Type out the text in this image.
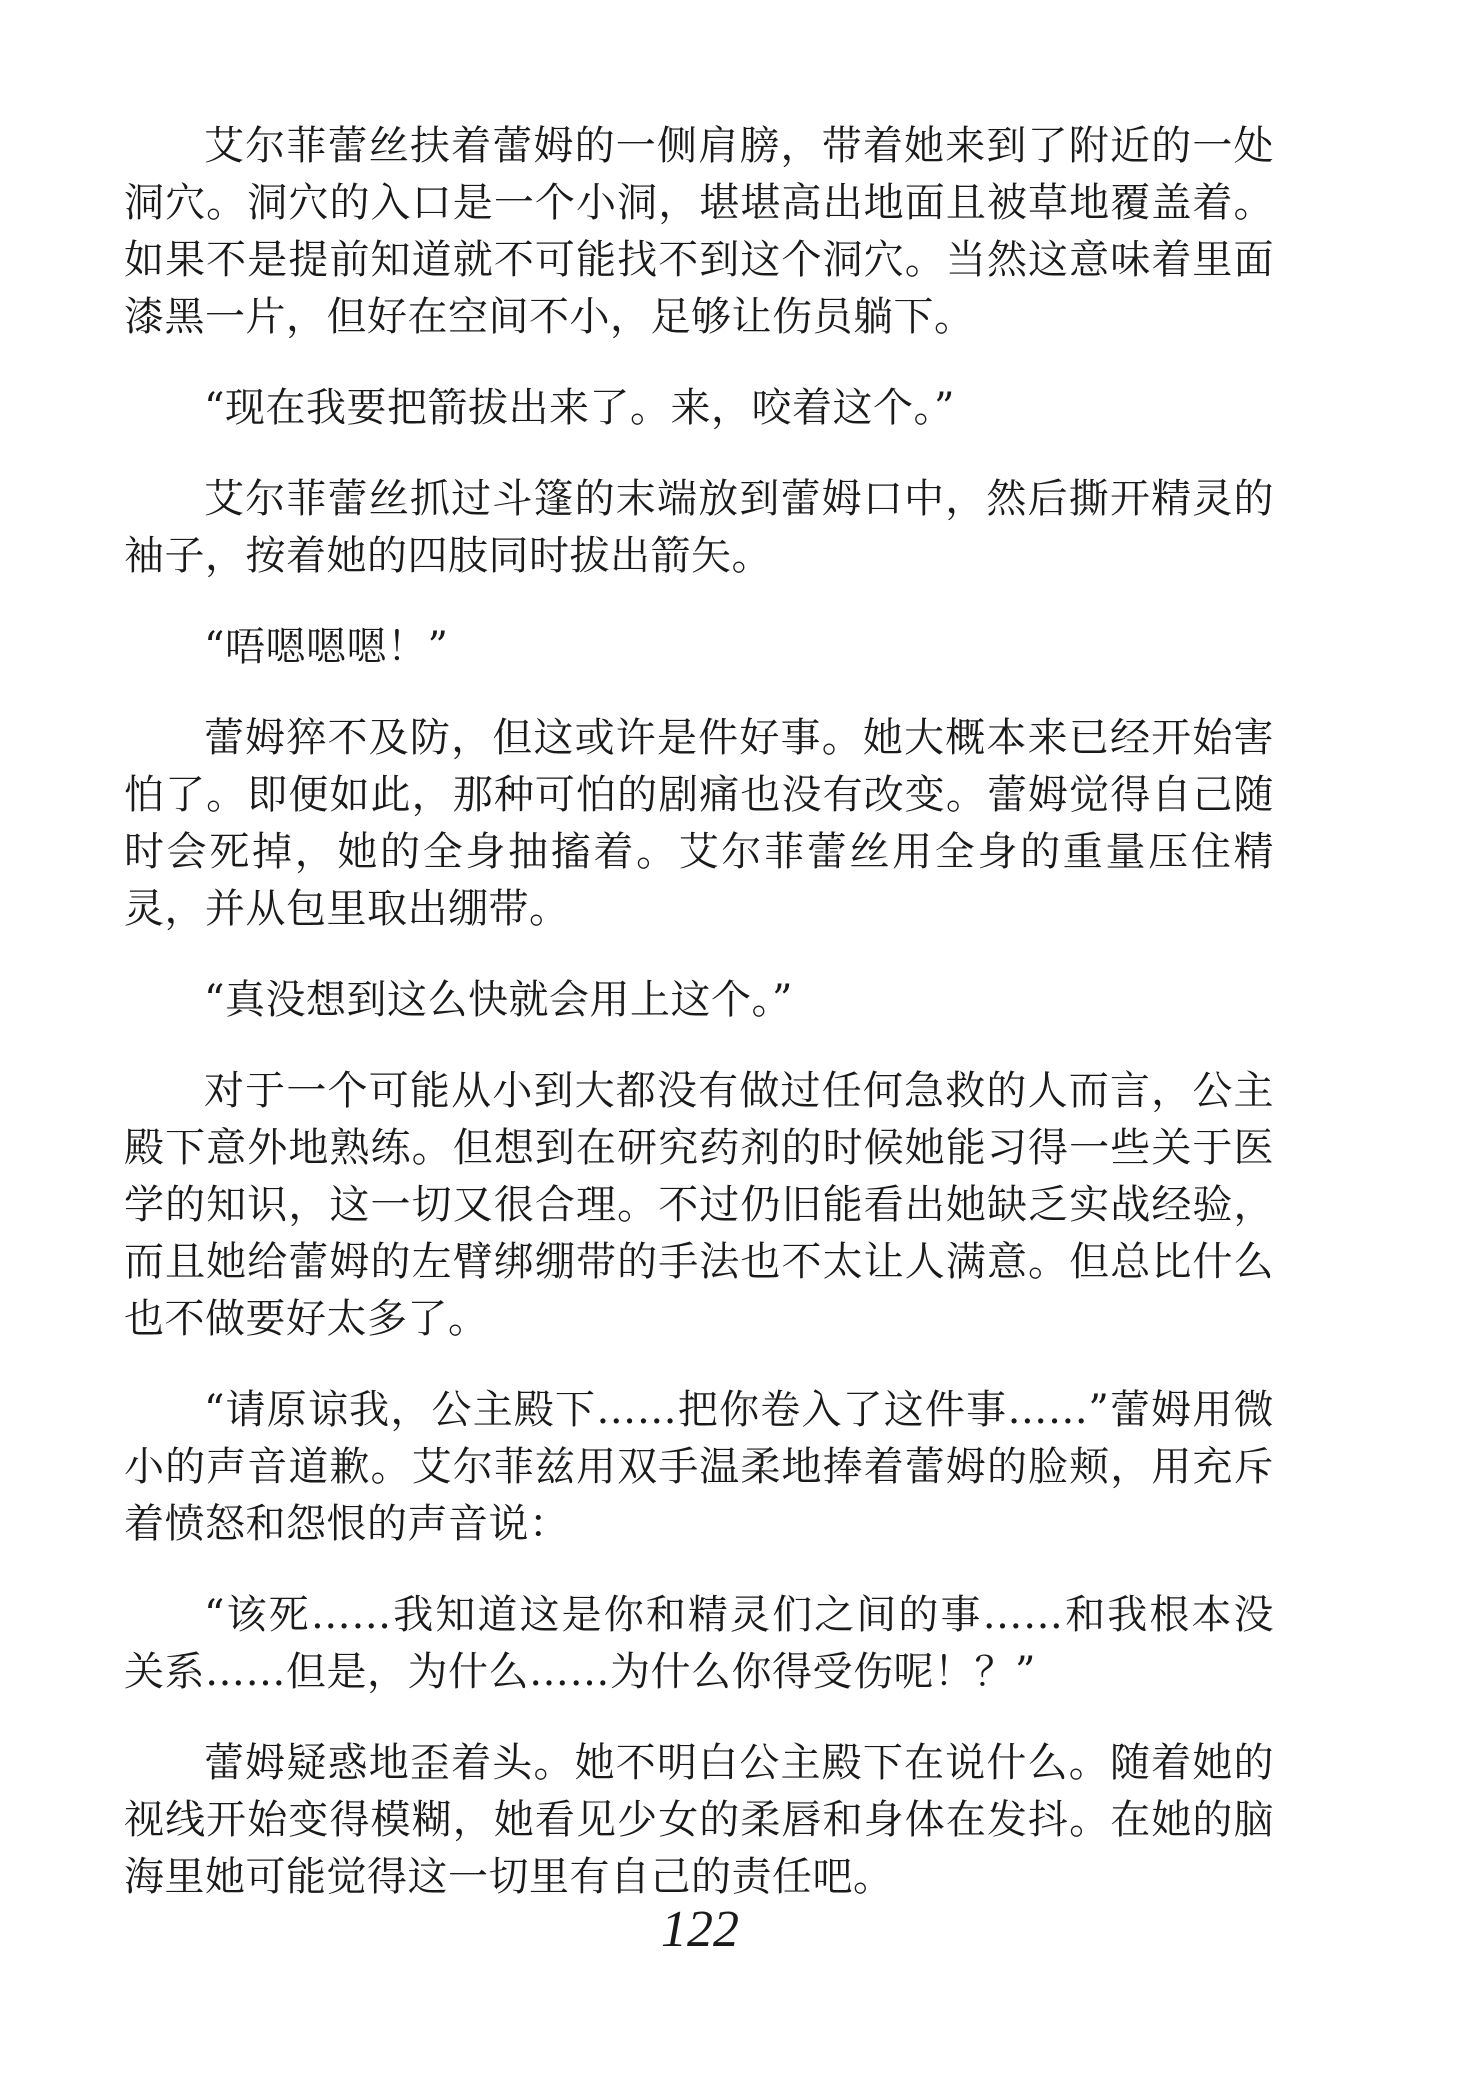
艾尔菲蕾丝扶着蕾姆的一侧肩膀，带着她来到了附近的一处洞穴。洞穴的入口是一个小洞，堪堪高出地面且被草地覆盖着。如果不是提前知道就不可能找不到这个洞穴。当然这意味着里面漆黑一片，但好在空间不小，足够让伤员躺下。

“现在我要把箭拔出来了。来，咬着这个。”

艾尔菲蕾丝抓过斗篷的末端放到蕾姆口中，然后撕开精灵的袖子，按着她的四肢同时拔出箭矢。

“唔嗯嗯嗯！”

蕾姆猝不及防，但这或许是件好事。她大概本来已经开始害怕了。即便如此，那种可怕的剧痛也没有改变。蕾姆觉得自己随时会死掉，她的全身抽搐着。艾尔菲蕾丝用全身的重量压住精灵，并从包里取出绷带。

“真没想到这么快就会用上这个。”

对于一个可能从小到大都没有做过任何急救的人而言，公主殿下意外地熟练。但想到在研究药剂的时候她能习得一些关于医学的知识，这一切又很合理。不过仍旧能看出她缺乏实战经验，而且她给蕾姆的左臂绑绷带的手法也不太让人满意。但总比什么也不做要好太多了。

“请原谅我，公主殿下……把你卷入了这件事……”蕾姆用微小的声音道歉。艾尔菲兹用双手温柔地捧着蕾姆的脸颊，用充斥着愤怒和怨恨的声音说：

“该死……我知道这是你和精灵们之间的事……和我根本没关系……但是，为什么……为什么你得受伤呢！？”

蕾姆疑惑地歪着头。她不明白公主殿下在说什么。随着她的视线开始变得模糊，她看见少女的柔唇和身体在发抖。在她的脑海里她可能觉得这一切里有自己的责任吧。

122
